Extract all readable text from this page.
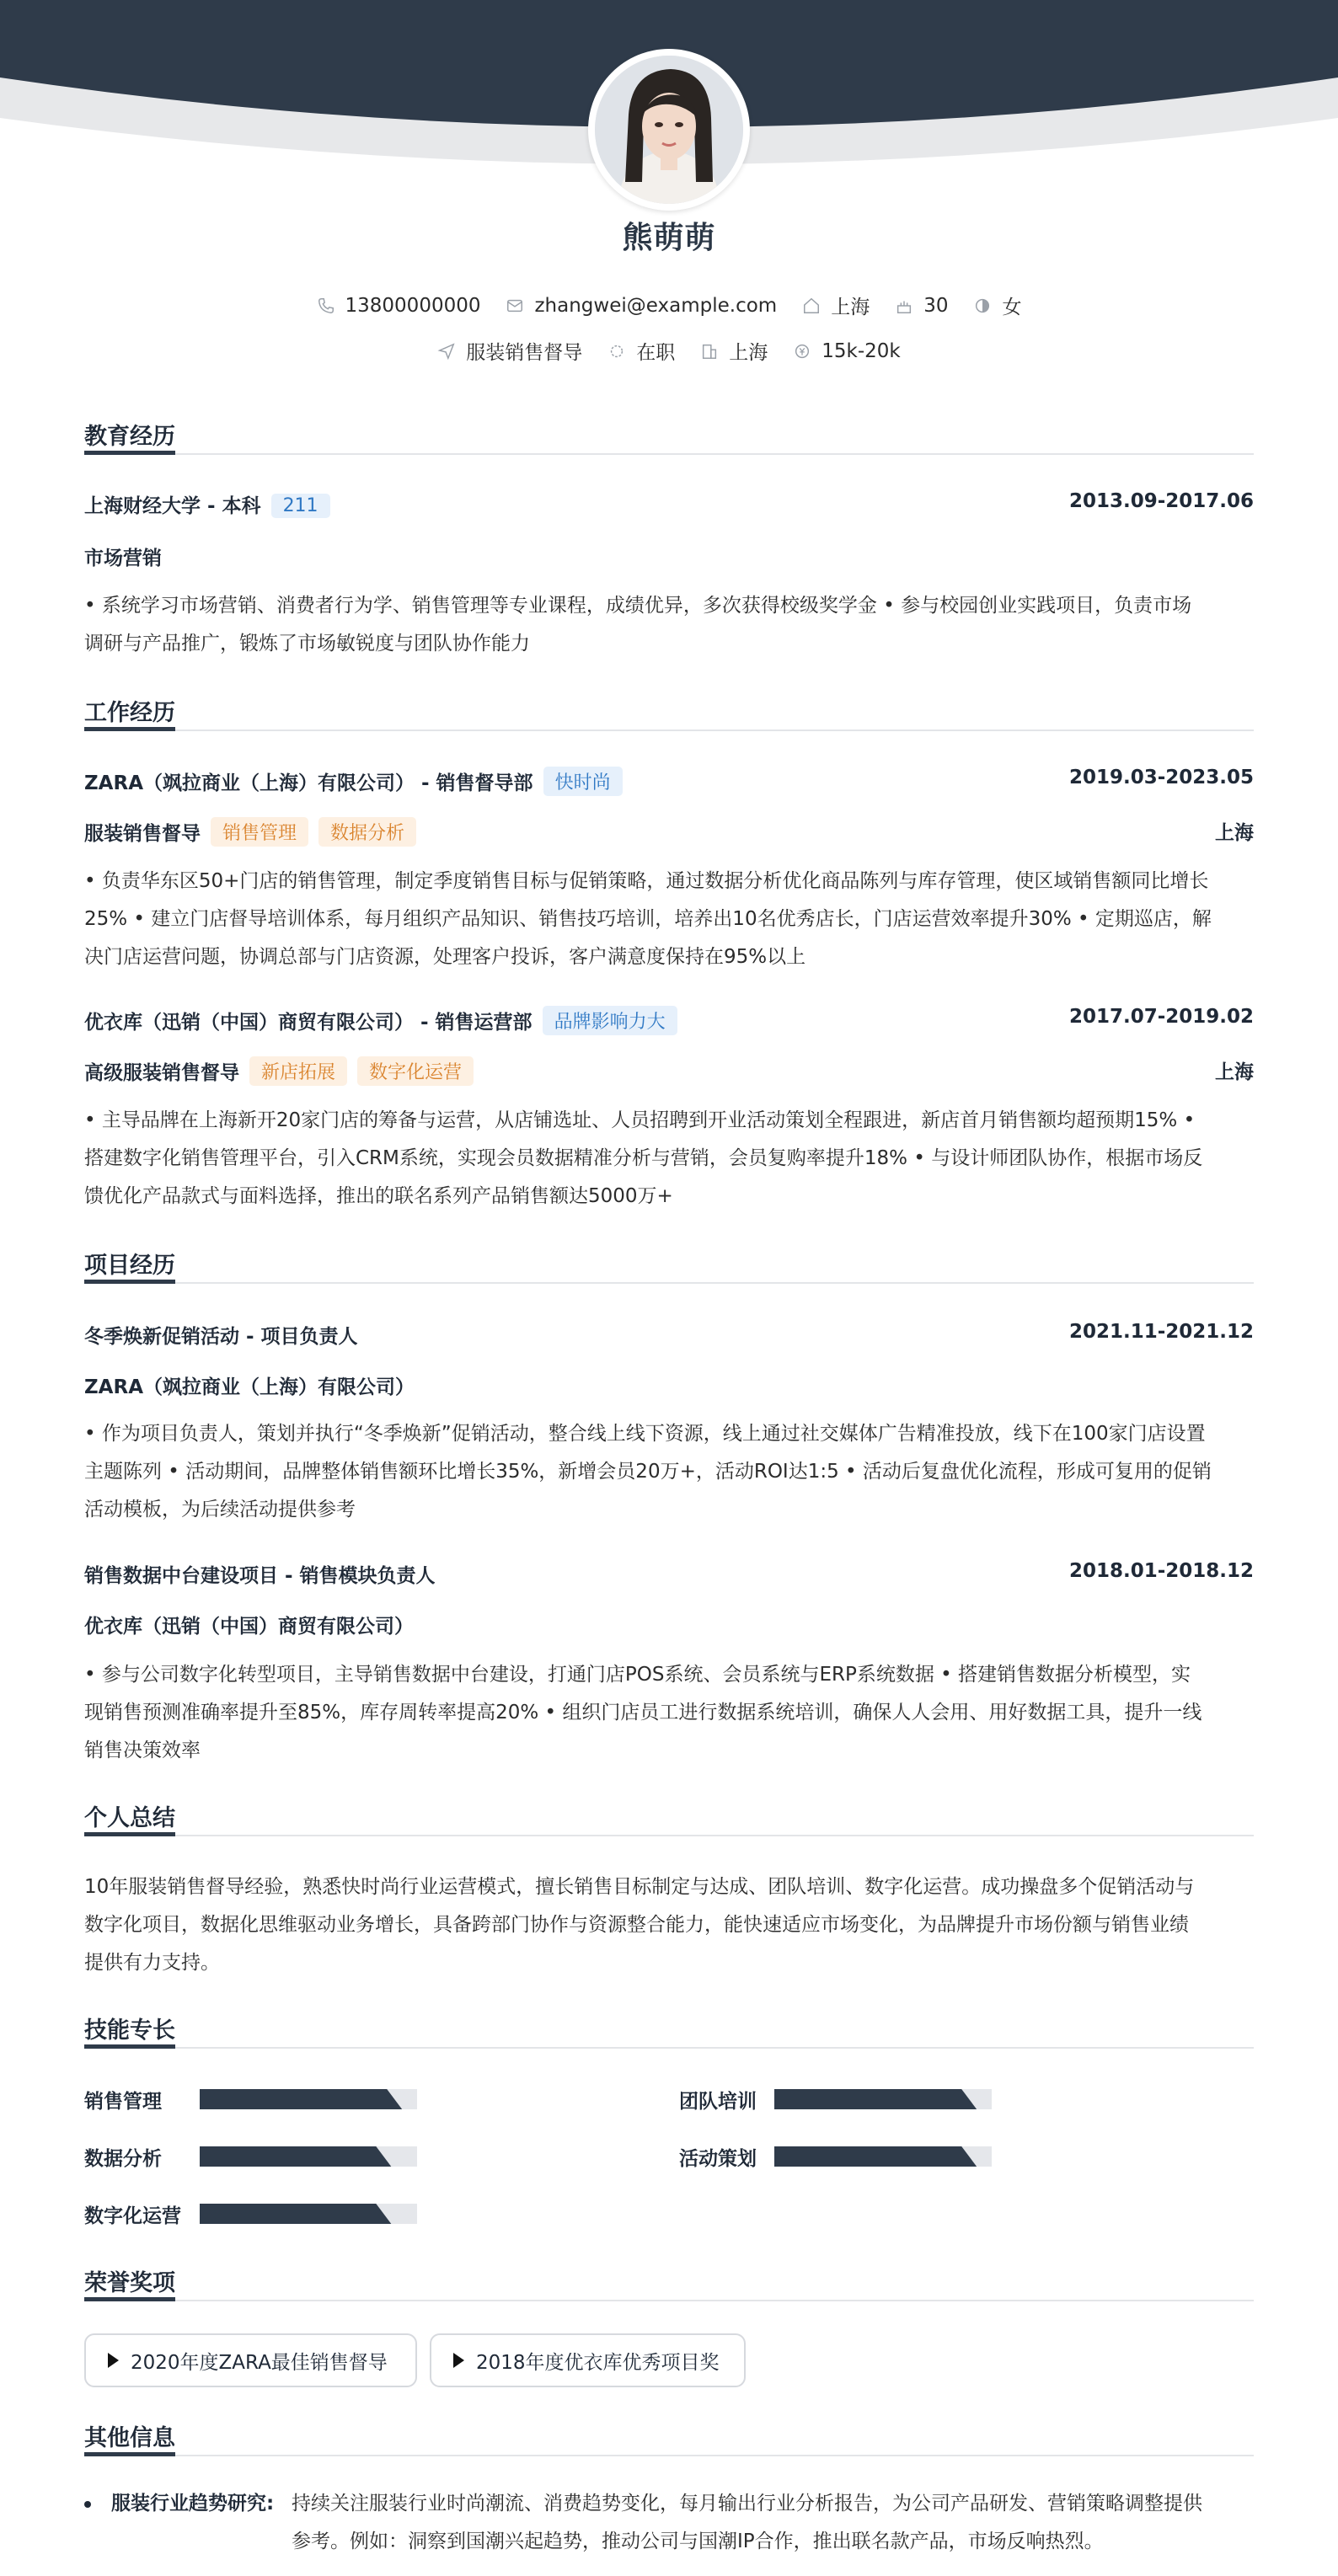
熊萌萌
13800000000	zhangwei@example.com	上海	30	女
服装销售督导	在职	上海	15k-20k
教育经历
上海财经大学 - 本科 211	2013.09-2017.06
市场营销
• 系统学习市场营销、消费者行为学、销售管理等专业课程，成绩优异，多次获得校级奖学金 • 参与校园创业实践项目，负责市场
调研与产品推广，锻炼了市场敏锐度与团队协作能力
工作经历
ZARA（飒拉商业（上海）有限公司） - 销售督导部 快时尚	2019.03-2023.05
服装销售督导 销售管理 数据分析	上海
• 负责华东区50+门店的销售管理，制定季度销售目标与促销策略，通过数据分析优化商品陈列与库存管理，使区域销售额同比增长
25% • 建立门店督导培训体系，每月组织产品知识、销售技巧培训，培养出10名优秀店长，门店运营效率提升30% • 定期巡店，解
决门店运营问题，协调总部与门店资源，处理客户投诉，客户满意度保持在95%以上
优衣库（迅销（中国）商贸有限公司） - 销售运营部 品牌影响力大	2017.07-2019.02
高级服装销售督导 新店拓展 数字化运营	上海
• 主导品牌在上海新开20家门店的筹备与运营，从店铺选址、人员招聘到开业活动策划全程跟进，新店首月销售额均超预期15% •
搭建数字化销售管理平台，引入CRM系统，实现会员数据精准分析与营销，会员复购率提升18% • 与设计师团队协作，根据市场反
馈优化产品款式与面料选择，推出的联名系列产品销售额达5000万+
项目经历
冬季焕新促销活动 - 项目负责人	2021.11-2021.12
ZARA（飒拉商业（上海）有限公司）
• 作为项目负责人，策划并执行“冬季焕新”促销活动，整合线上线下资源，线上通过社交媒体广告精准投放，线下在100家门店设置
主题陈列 • 活动期间，品牌整体销售额环比增长35%，新增会员20万+，活动ROI达1:5 • 活动后复盘优化流程，形成可复用的促销
活动模板，为后续活动提供参考
销售数据中台建设项目 - 销售模块负责人	2018.01-2018.12
优衣库（迅销（中国）商贸有限公司）
• 参与公司数字化转型项目，主导销售数据中台建设，打通门店POS系统、会员系统与ERP系统数据 • 搭建销售数据分析模型，实
现销售预测准确率提升至85%，库存周转率提高20% • 组织门店员工进行数据系统培训，确保人人会用、用好数据工具，提升一线
销售决策效率
个人总结
10年服装销售督导经验，熟悉快时尚行业运营模式，擅长销售目标制定与达成、团队培训、数字化运营。成功操盘多个促销活动与
数字化项目，数据化思维驱动业务增长，具备跨部门协作与资源整合能力，能快速适应市场变化，为品牌提升市场份额与销售业绩
提供有力支持。
技能专长
销售管理	团队培训
数据分析	活动策划
数字化运营
荣誉奖项
2020年度ZARA最佳销售督导	2018年度优衣库优秀项目奖
其他信息
服装行业趋势研究: 持续关注服装行业时尚潮流、消费趋势变化，每月输出行业分析报告，为公司产品研发、营销策略调整提供
参考。例如：洞察到国潮兴起趋势，推动公司与国潮IP合作，推出联名款产品，市场反响热烈。
